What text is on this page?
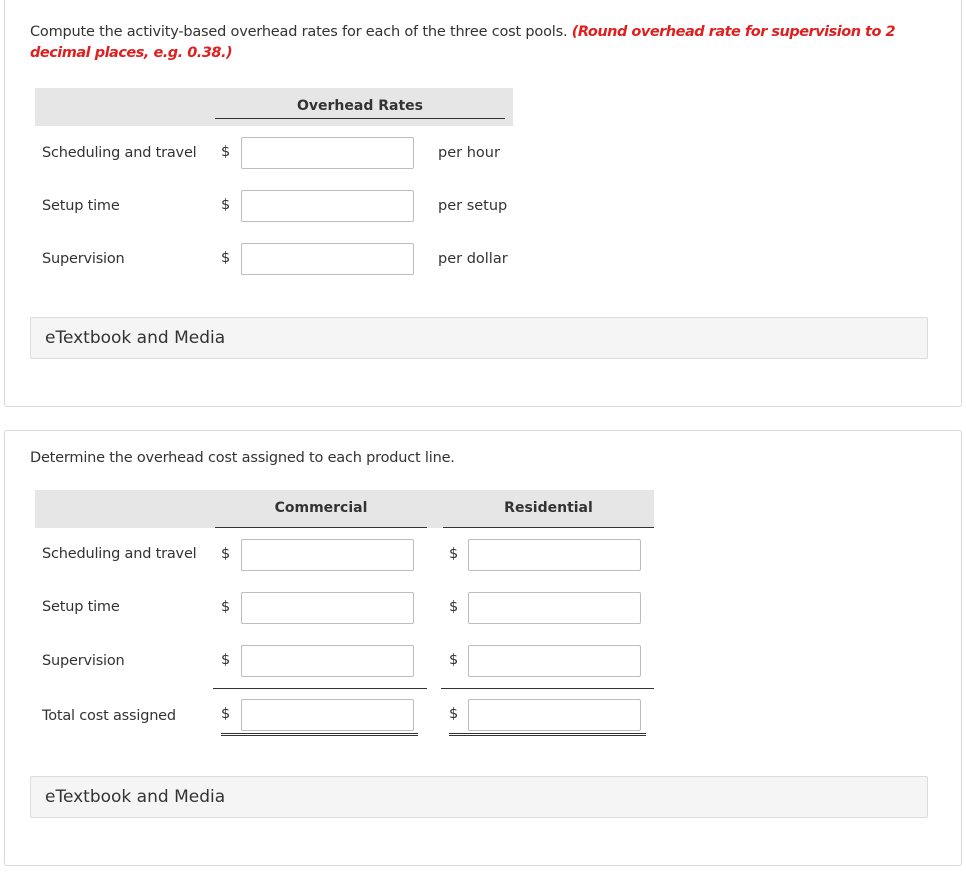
Compute the activity-based overhead rates for each of the three cost pools. (Round overhead rate for supervision to 2 decimal places, e.g. 0.38.)
Overhead Rates
Scheduling and travel $	per hour
Setup time	$	per setup
Supervision	$	per dollar
eTextbook and Media
Determine the overhead cost assigned to each product line.
Commercial	Residential
Scheduling and travel $	$
Setup time	$	$
Supervision	$	$
Total cost assigned	$	$
eTextbook and Media
